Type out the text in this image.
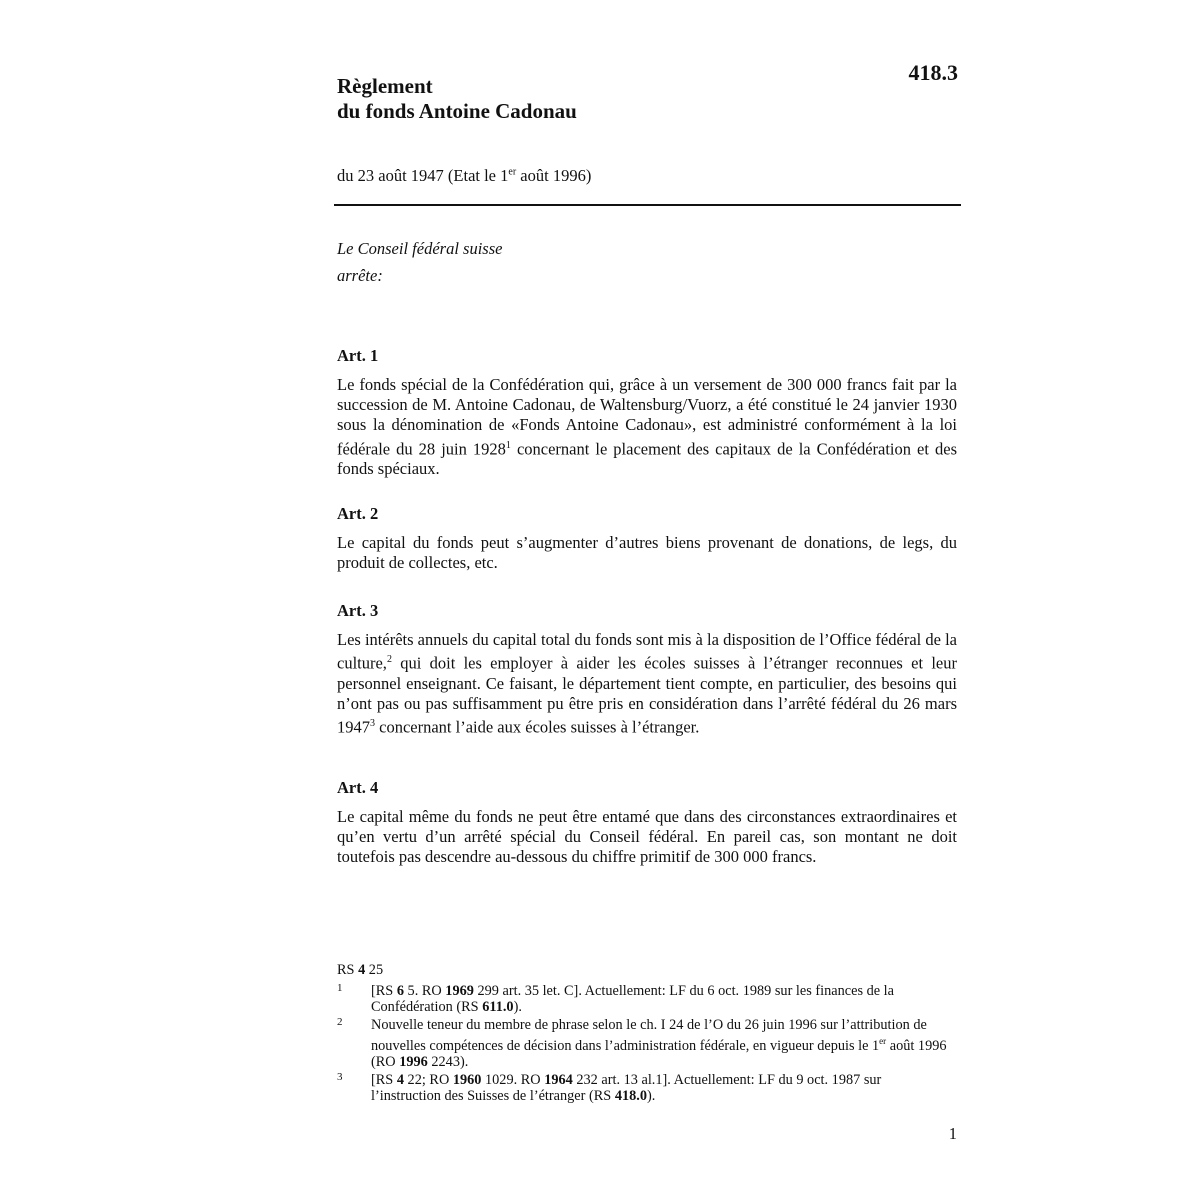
418.3
Règlement
du fonds Antoine Cadonau
du 23 août 1947 (Etat le 1er août 1996)
Le Conseil fédéral suisse
arrête:
Art. 1
Le fonds spécial de la Confédération qui, grâce à un versement de 300 000 francs fait par la succession de M. Antoine Cadonau, de Waltensburg/Vuorz, a été constitué le 24 janvier 1930 sous la dénomination de «Fonds Antoine Cadonau», est administré conformément à la loi fédérale du 28 juin 1928$^1$ concernant le placement des capitaux de la Confédération et des fonds spéciaux.
Art. 2
Le capital du fonds peut s’augmenter d’autres biens provenant de donations, de legs, du produit de collectes, etc.
Art. 3
Les intérêts annuels du capital total du fonds sont mis à la disposition de l’Office fédéral de la culture,$^2$ qui doit les employer à aider les écoles suisses à l’étranger reconnues et leur personnel enseignant. Ce faisant, le département tient compte, en particulier, des besoins qui n’ont pas ou pas suffisamment pu être pris en considération dans l’arrêté fédéral du 26 mars 1947$^3$ concernant l’aide aux écoles suisses à l’étranger.
Art. 4
Le capital même du fonds ne peut être entamé que dans des circonstances extraordinaires et qu’en vertu d’un arrêté spécial du Conseil fédéral. En pareil cas, son montant ne doit toutefois pas descendre au-dessous du chiffre primitif de 300 000 francs.
RS 4 25
1 [RS 6 5. RO 1969 299 art. 35 let. C]. Actuellement: LF du 6 oct. 1989 sur les finances de la Confédération (RS 611.0).
2 Nouvelle teneur du membre de phrase selon le ch. I 24 de l’O du 26 juin 1996 sur l’attribution de nouvelles compétences de décision dans l’administration fédérale, en vigueur depuis le 1er août 1996 (RO 1996 2243).
3 [RS 4 22; RO 1960 1029. RO 1964 232 art. 13 al.1]. Actuellement: LF du 9 oct. 1987 sur l’instruction des Suisses de l’étranger (RS 418.0).
1
